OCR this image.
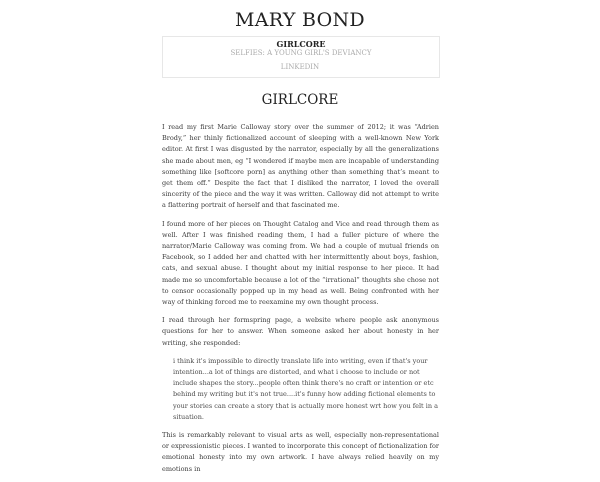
MARY BOND
GIRLCORE
SELFIES: A YOUNG GIRL'S DEVIANCY
LINKEDIN
GIRLCORE

I read my first Marie Calloway story over the summer of 2012; it was “Adrien Brody,” her thinly fictionalized account of sleeping with a well-known New York editor. At first I was disgusted by the narrator, especially by all the generalizations she made about men, eg “I wondered if maybe men are incapable of understanding something like [softcore porn] as anything other than something that’s meant to get them off.” Despite the fact that I disliked the narrator, I loved the overall sincerity of the piece and the way it was written. Calloway did not attempt to write a flattering portrait of herself and that fascinated me.

I found more of her pieces on Thought Catalog and Vice and read through them as well. After I was finished reading them, I had a fuller picture of where the narrator/Marie Calloway was coming from. We had a couple of mutual friends on Facebook, so I added her and chatted with her intermittently about boys, fashion, cats, and sexual abuse. I thought about my initial response to her piece. It had made me so uncomfortable because a lot of the “irrational” thoughts she chose not to censor occasionally popped up in my head as well. Being confronted with her way of thinking forced me to reexamine my own thought process.

I read through her formspring page, a website where people ask anonymous questions for her to answer. When someone asked her about honesty in her writing, she responded:

i think it's impossible to directly translate life into writing, even if that's your intention...a lot of things are distorted, and what i choose to include or not include shapes the story...people often think there's no craft or intention or etc behind my writing but it's not true....it's funny how adding fictional elements to your stories can create a story that is actually more honest wrt how you felt in a situation.

This is remarkably relevant to visual arts as well, especially non-representational or expressionistic pieces. I wanted to incorporate this concept of fictionalization for emotional honesty into my own artwork. I have always relied heavily on my emotions in
